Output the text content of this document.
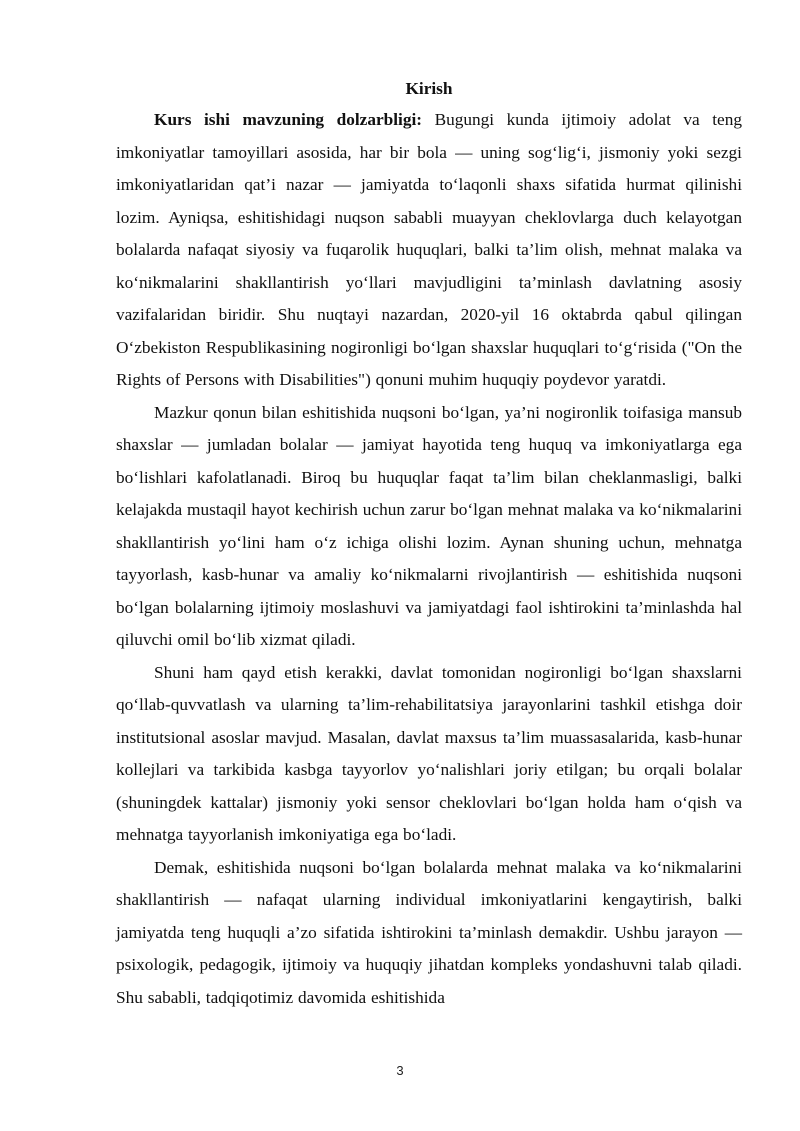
Kirish

Kurs ishi mavzuning dolzarbligi: Bugungi kunda ijtimoiy adolat va teng imkoniyatlar tamoyillari asosida, har bir bola — uning sog‘lig‘i, jismoniy yoki sezgi imkoniyatlaridan qat’i nazar — jamiyatda to‘laqonli shaxs sifatida hurmat qilinishi lozim. Ayniqsa, eshitishidagi nuqson sababli muayyan cheklovlarga duch kelayotgan bolalarda nafaqat siyosiy va fuqarolik huquqlari, balki ta’lim olish, mehnat malaka va ko‘nikmalarini shakllantirish yo‘llari mavjudligini ta’minlash davlatning asosiy vazifalaridan biridir. Shu nuqtayi nazardan, 2020-yil 16 oktabrda qabul qilingan O‘zbekiston Respublikasining nogironligi bo‘lgan shaxslar huquqlari to‘g‘risida ("On the Rights of Persons with Disabilities") qonuni muhim huquqiy poydevor yaratdi.

Mazkur qonun bilan eshitishida nuqsoni bo‘lgan, ya’ni nogironlik toifasiga mansub shaxslar — jumladan bolalar — jamiyat hayotida teng huquq va imkoniyatlarga ega bo‘lishlari kafolatlanadi. Biroq bu huquqlar faqat ta’lim bilan cheklanmasligi, balki kelajakda mustaqil hayot kechirish uchun zarur bo‘lgan mehnat malaka va ko‘nikmalarini shakllantirish yo‘lini ham o‘z ichiga olishi lozim. Aynan shuning uchun, mehnatga tayyorlash, kasb-hunar va amaliy ko‘nikmalarni rivojlantirish — eshitishida nuqsoni bo‘lgan bolalarning ijtimoiy moslashuvi va jamiyatdagi faol ishtirokini ta’minlashda hal qiluvchi omil bo‘lib xizmat qiladi.

Shuni ham qayd etish kerakki, davlat tomonidan nogironligi bo‘lgan shaxslarni qo‘llab-quvvatlash va ularning ta’lim-rehabilitatsiya jarayonlarini tashkil etishga doir institutsional asoslar mavjud. Masalan, davlat maxsus ta’lim muassasalarida, kasb-hunar kollejlari va tarkibida kasbga tayyorlov yo‘nalishlari joriy etilgan; bu orqali bolalar (shuningdek kattalar) jismoniy yoki sensor cheklovlari bo‘lgan holda ham o‘qish va mehnatga tayyorlanish imkoniyatiga ega bo‘ladi.

Demak, eshitishida nuqsoni bo‘lgan bolalarda mehnat malaka va ko‘nikmalarini shakllantirish — nafaqat ularning individual imkoniyatlarini kengaytirish, balki jamiyatda teng huquqli a’zo sifatida ishtirokini ta’minlash demakdir. Ushbu jarayon — psixologik, pedagogik, ijtimoiy va huquqiy jihatdan kompleks yondashuvni talab qiladi. Shu sababli, tadqiqotimiz davomida eshitishida

3
